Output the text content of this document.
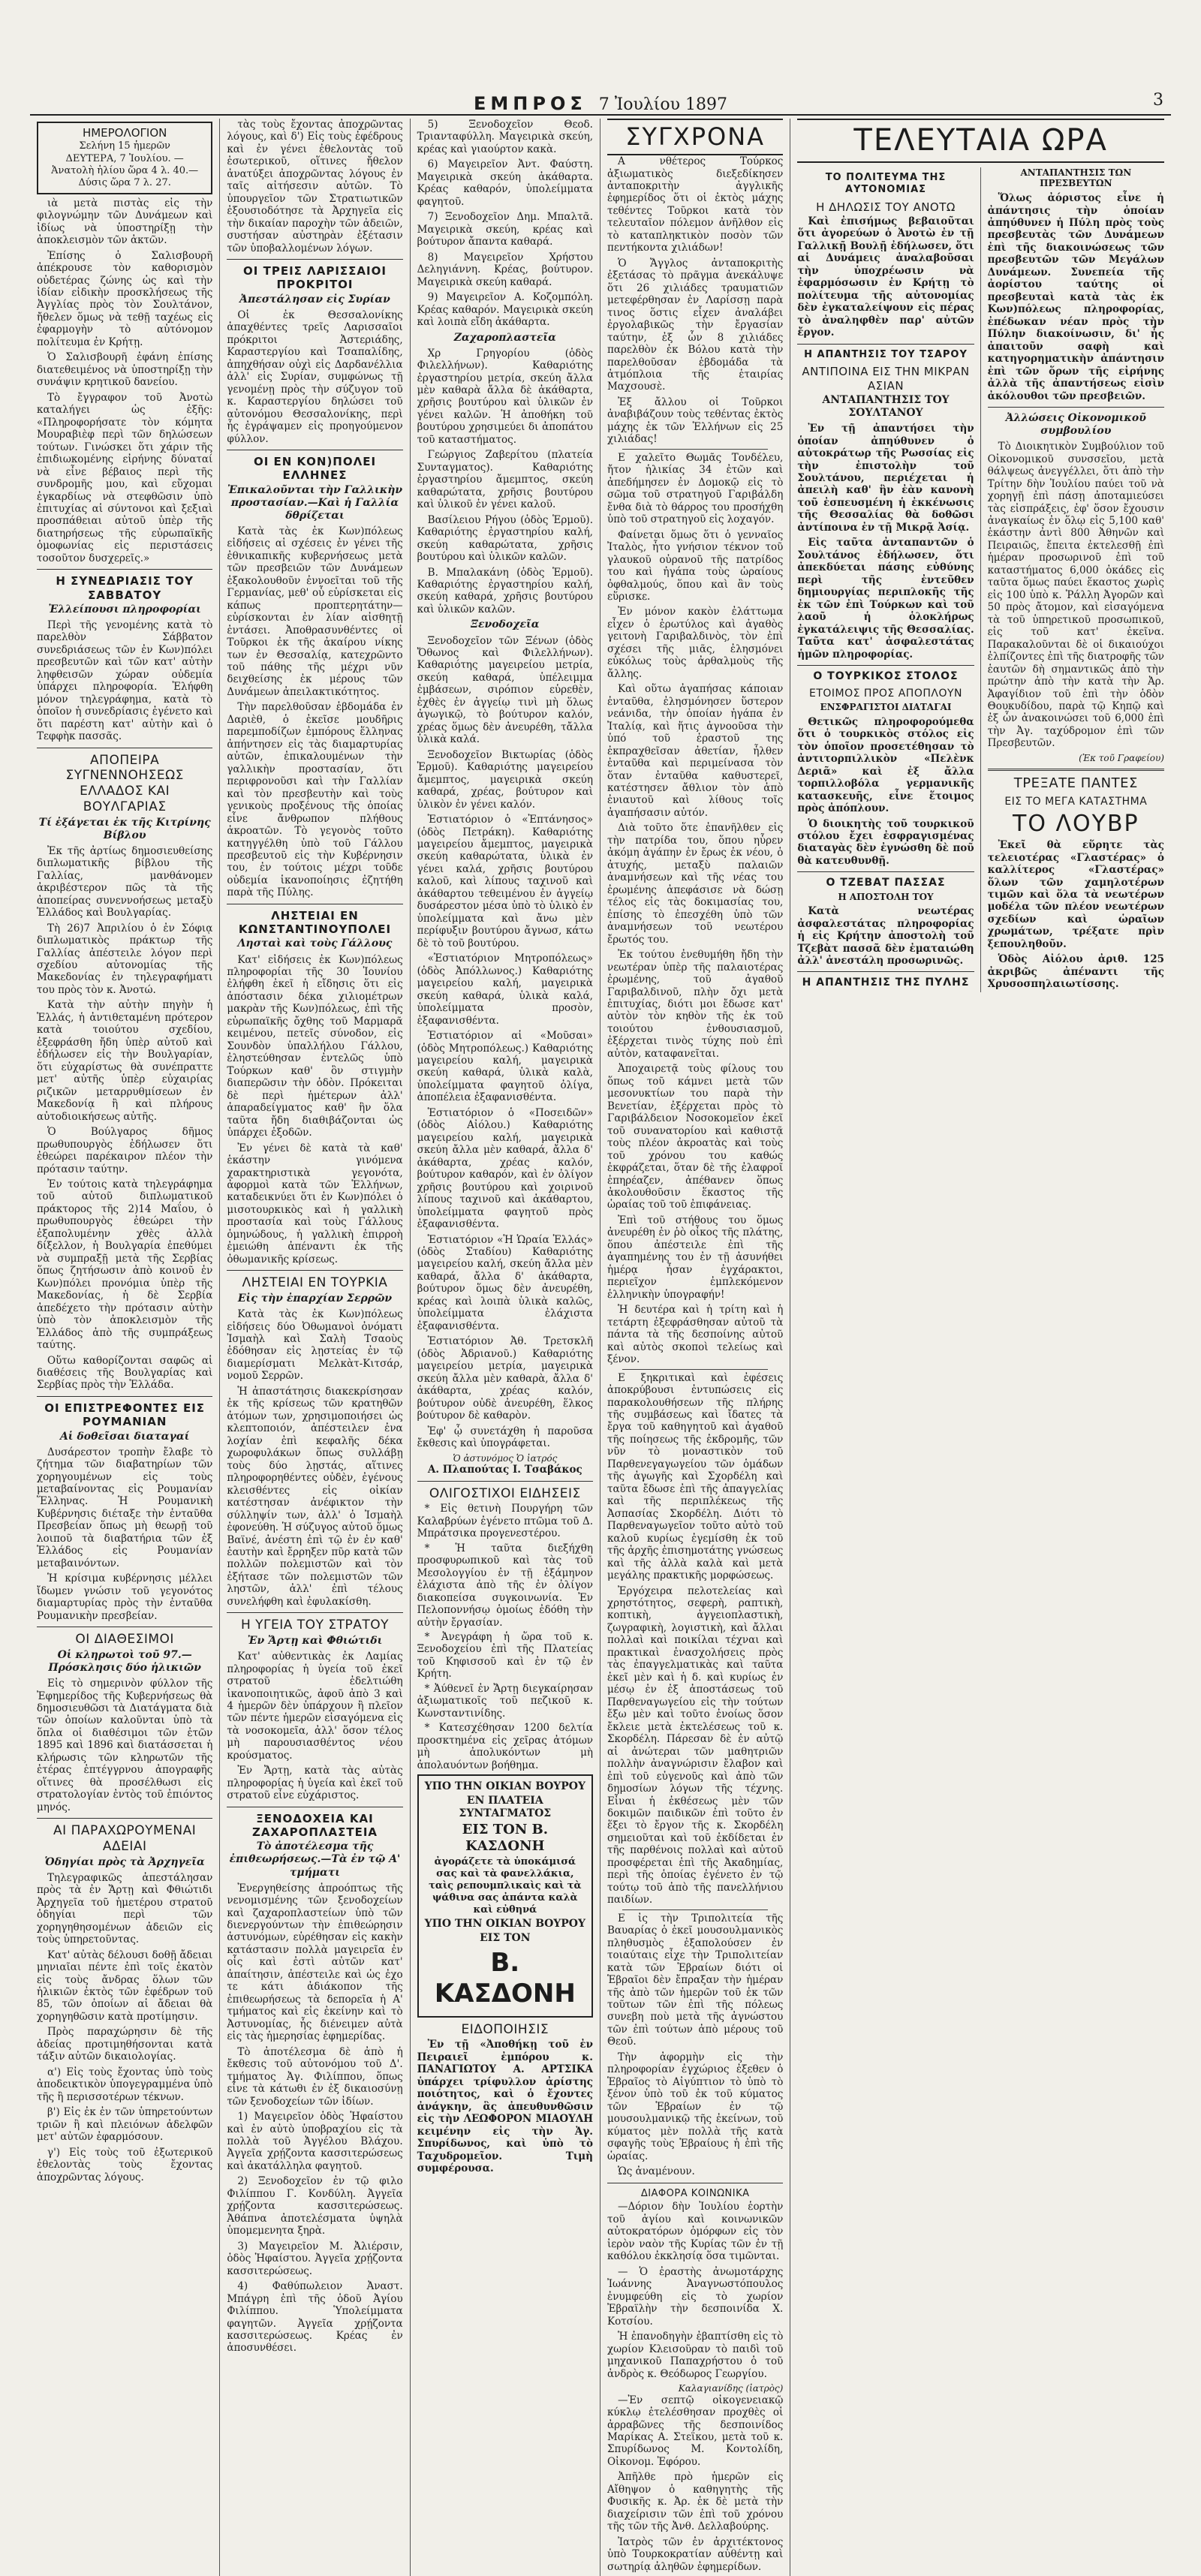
ΕΜΠΡΟΣ 7 Ἰουλίου 1897	3
ΗΜΕΡΟΛΟΓΙΟΝ
Σελήνη 15 ἡμερῶν
ΔΕΥΤΕΡΑ, 7 Ἰουλίου. — Ἀνατολὴ ἡλίου ὥρα 4 λ. 40.—Δύσις ὥρα 7 λ. 27.

ιὰ μετὰ πιστὰς εἰς τὴν φιλογνώμην τῶν Δυνάμεων καὶ ἰδίως νὰ ὑποστηρίξῃ τὴν ἀποκλεισμὸν τῶν ἀκτῶν.

Ἐπίσης ὁ Σαλισβουρῆ ἀπέκρουσε τὸν καθορισμὸν οὐδετέρας ζώνης ὡς καὶ τὴν ἰδίαν εἰδικὴν προσκλήσεως τῆς Ἀγγλίας πρὸς τὸν Σουλτάνον, ἤθελεν ὅμως νὰ τεθῇ ταχέως εἰς ἐφαρμογὴν τὸ αὐτόνομον πολίτευμα ἐν Κρήτῃ.

Ὁ Σαλισβουρῆ ἐφάνη ἐπίσης διατεθειμένος νὰ ὑποστηρίξῃ τὴν συνάψιν κρητικοῦ δανείου.

Τὸ ἔγγραφον τοῦ Ἀνοτὼ καταλήγει ὡς ἑξῆς: «Πληροφορήσατε τὸν κόμητα Μουραβιὲφ περὶ τῶν δηλώσεων τούτων. Γινώσκει ὅτι χάριν τῆς ἐπιδιωκομένης εἰρήνης δύναταί νὰ εἶνε βέβαιος περὶ τῆς συνδρομῆς μου, καὶ εὔχομαι ἐγκαρδίως νὰ στεφθῶσιν ὑπὸ ἐπιτυχίας αἱ σύντονοι καὶ ξεξιαὶ προσπάθειαι αὐτοῦ ὑπὲρ τῆς διατηρήσεως τῆς εὐρωπαϊκῆς ὁμοφωνίας εἰς περιστάσεις τοσοῦτον δυσχερεῖς.»

Η ΣΥΝΕΔΡΙΑΣΙΣ ΤΟΥ ΣΑΒΒΑΤΟΥ
Ἐλλείπουσι πληροφορίαι

Περὶ τῆς γενομένης κατὰ τὸ παρελθὸν Σάββατον συνεδριάσεως τῶν ἐν Κων)πόλει πρεσβευτῶν καὶ τῶν κατ' αὐτὴν ληφθεισῶν χώραν οὐδεμία ὑπάρχει πληροφορία. Ἐλήφθη μόνον τηλεγράφημα, κατὰ τὸ ὁποῖον ἡ συνεδρίασις ἐγένετο καὶ ὅτι παρέστη κατ' αὐτὴν καὶ ὁ Τεφφὴκ πασσᾶς.

ΑΠΟΠΕΙΡΑ ΣΥΓΝΕΝΝΟΗΣΕΩΣ ΕΛΛΑΔΟΣ ΚΑΙ ΒΟΥΛΓΑΡΙΑΣ
Τί ἐξάγεται ἐκ τῆς Κιτρίνης Βίβλου

Ἐκ τῆς ἀρτίως δημοσιευθείσης διπλωματικῆς βίβλου τῆς Γαλλίας, μανθάνομεν ἀκριβέστερον πῶς τὰ τῆς ἀποπείρας συνεννοήσεως μεταξὺ Ἑλλάδος καὶ Βουλγαρίας.

Τὴ 26)7 Ἀπριλίου ὁ ἐν Σόφιᾳ διπλωματικὸς πράκτωρ τῆς Γαλλίας ἀπέστειλε λόγον περὶ σχεδίου αὐτονομίας τῆς Μακεδονίας ἐν τηλεγραφήματι του πρὸς τὸν κ. Ἀνοτώ.

Κατὰ τὴν αὐτὴν πηγὴν ἡ Ἑλλάς, ἡ ἀντιθεταμένη πρότερον κατὰ τοιούτου σχεδίου, ἐξεφράσθη ἤδη ὑπὲρ αὐτοῦ καὶ ἐδήλωσεν εἰς τὴν Βουλγαρίαν, ὅτι εὐχαρίστως θὰ συνέπραττε μετ' αὐτῆς ὑπὲρ εὐχαιρίας ριζικῶν μεταρρυθμίσεων ἐν Μακεδονίᾳ ἢ καὶ πλήρους αὐτοδιοικήσεως αὐτῆς.

Ὁ Βούλγαρος δῆμος πρωθυπουργὸς ἐδήλωσεν ὅτι ἐθεώρει παρέκαιρον πλέον τὴν πρότασιν ταύτην.

Ἐν τούτοις κατὰ τηλεγράφημα τοῦ αὐτοῦ διπλωματικοῦ πράκτορος τῆς 2)14 Μαΐου, ὁ πρωθυπουργὸς ἐθεώρει τὴν ἐξαπολυμένην χθὲς ἀλλὰ δίξελλον, ἡ Βουλγαρία ἐπεθύμει νὰ συμπραξῇ μετὰ τῆς Σερβίας ὅπως ζητήσωσιν ἀπὸ κοινοῦ ἐν Κων)πόλει προνόμια ὑπὲρ τῆς Μακεδονίας, ἡ δὲ Σερβία ἀπεδέχετο τὴν πρότασιν αὐτὴν ὑπὸ τὸν ἀποκλεισμὸν τῆς Ἑλλάδος ἀπὸ τῆς συμπράξεως ταύτης.

Οὕτω καθορίζονται σαφῶς αἱ διαθέσεις τῆς Βουλγαρίας καὶ Σερβίας πρὸς τὴν Ἑλλάδα.

ΟΙ ΕΠΙΣΤΡΕΦΟΝΤΕΣ ΕΙΣ ΡΟΥΜΑΝΙΑΝ
Αἱ δοθεῖσαι διαταγαί

Δυσάρεστον τροπὴν ἔλαβε τὸ ζήτημα τῶν διαβατηρίων τῶν χορηγουμένων εἰς τοὺς μεταβαίνοντας εἰς Ρουμανίαν Ἕλληνας. Ἡ Ρουμανικὴ Κυβέρνησις διέταξε τὴν ἐνταῦθα Πρεσβείαν ὅπως μὴ θεωρῇ τοῦ λοιποῦ τὰ διαβατήρια τῶν ἐξ Ἑλλάδος εἰς Ρουμανίαν μεταβαινόντων.

Ἡ κρίσιμα κυβέρνησις μέλλει ἴδωμεν γνώσιν τοῦ γεγονότος διαμαρτυρίας πρὸς τὴν ἐνταῦθα Ρουμανικὴν πρεσβείαν.

ΟΙ ΔΙΑΘΕΣΙΜΟΙ
Οἱ κληρωτοὶ τοῦ 97.— Πρόσκλησις δύο ἡλικιῶν

Εἰς τὸ σημερινὸν φύλλον τῆς Ἐφημερίδος τῆς Κυβερνήσεως θὰ δημοσιευθῶσι τὰ Διατάγματα διὰ τῶν ὁποίων καλοῦνται ὑπὸ τὰ ὅπλα οἱ διαθέσιμοι τῶν ἐτῶν 1895 καὶ 1896 καὶ διατάσσεται ἡ κλήρωσις τῶν κληρωτῶν τῆς ἐτέρας ἐπτέγγρνου ἀπογραφῆς οἵτινες θὰ προσέλθωσι εἰς στρατολογίαν ἐντὸς τοῦ ἐπιόντος μηνός.

ΑΙ ΠΑΡΑΧΩΡΟΥΜΕΝΑΙ ΑΔΕΙΑΙ
Ὁδηγίαι πρὸς τὰ Ἀρχηγεῖα

Τηλεγραφικῶς ἀπεστάλησαν πρὸς τὰ ἐν Ἄρτῃ καὶ Φθιώτιδι Ἀρχηγεῖα τοῦ ἡμετέρου στρατοῦ ὁδηγίαι περὶ τῶν χορηγηθησομένων ἀδειῶν εἰς τοὺς ὑπηρετοῦντας.

Κατ' αὐτὰς δέλουσι δοθῇ ἄδειαι μηνιαῖαι πέντε ἐπὶ τοῖς ἑκατὸν εἰς τοὺς ἄνδρας ὅλων τῶν ἡλικιῶν ἐκτὸς τῶν ἐφέδρων τοῦ 85, τῶν ὁποίων αἱ ἄδειαι θὰ χορηγηθῶσιν κατὰ προτίμησιν.

Πρὸς παραχώρησιν δὲ τῆς ἀδείας προτιμηθήσονται κατὰ τάξιν αὐτῶν δικαιολογίας.

α') Εἰς τοὺς ἔχοντας ὑπὸ τοὺς ἀποδεικτικὸν ὑπογεγραμμένα ὑπὸ τῆς ἢ περισσοτέρων τέκνων.

β') Εἰς ἐκ ἐν τῶν ὑπηρετούντων τριῶν ἢ καὶ πλειόνων ἀδελφῶν μετ' αὐτῶν ἐφαρμόσουν.

γ') Εἰς τοὺς τοῦ ἐξωτερικοῦ ἐθελοντὰς τοὺς ἔχοντας ἀποχρῶντας λόγους.

τὰς τοὺς ἔχοντας ἀποχρῶντας λόγους, καὶ δ') Εἰς τοὺς ἐφέδρους καὶ ἐν γένει ἐθελοντὰς τοῦ ἐσωτερικοῦ, οἵτινες ἤθελον ἀνατύξει ἀποχρῶντας λόγους ἐν ταῖς αἰτήσεσιν αὐτῶν. Τὸ ὑπουργεῖον τῶν Στρατιωτικῶν ἐξουσιοδότησε τὰ Ἀρχηγεῖα εἰς τὴν δικαίαν παροχὴν τῶν ἀδειῶν, συστήσαν αὐστηρὰν ἐξέτασιν τῶν ὑποβαλλομένων λόγων.

ΟΙ ΤΡΕΙΣ ΛΑΡΙΣΣΑΙΟΙ ΠΡΟΚΡΙΤΟΙ
Ἀπεστάλησαν εἰς Συρίαν

Οἱ ἐκ Θεσσαλονίκης ἀπαχθέντες τρεῖς Λαρισσαῖοι πρόκριτοι Ἀστεριάδης, Καραστεργίου καὶ Τσαπαλίδης, ἀπηχθήσαν οὐχὶ εἰς Δαρδανέλλια ἀλλ' εἰς Συρίαν, συμφώνως τῇ γενομένῃ πρὸς τὴν σύζυγον τοῦ κ. Καραστεργίου δηλώσει τοῦ αὐτονόμου Θεσσαλονίκης, περὶ ἧς ἐγράψαμεν εἰς προηγούμενον φύλλον.

ΟΙ ΕΝ ΚΟΝ)ΠΟΛΕΙ ΕΛΛΗΝΕΣ
Ἐπικαλοῦνται τὴν Γαλλικὴν προστασίαν.—Καὶ ἡ Γαλλία δθρίζεται

Κατὰ τὰς ἐκ Κων)πόλεως εἰδήσεις αἱ σχέσεις ἐν γένει τῆς ἐθνικαπικῆς κυβερνήσεως μετὰ τῶν πρεσβειῶν τῶν Δυνάμεων ἐξακολουθοῦν ἐννοεῖται τοῦ τῆς Γερμανίας, μεθ' οὗ εὑρίσκεται εἰς κάπως προπτερητάτην—εὑρίσκονται ἐν λίαν αἰσθητῇ ἐντάσει. Ἀποθρασυνθέντες οἱ Τοῦρκοι ἐκ τῆς ἀκαίρου νίκης των ἐν Θεσσαλίᾳ, κατεχρῶντο τοῦ πάθης τῆς μέχρι νῦν δειχθείσης ἐκ μέρους τῶν Δυνάμεων ἀπειλακτικότητος.

Τὴν παρελθοῦσαν ἑβδομάδα ἐν Δαριὲθ, ὁ ἐκεῖσε μουδῆρις παρεμποδίζων ἐμπόρους ἕλληνας ἀπήντησεν εἰς τὰς διαμαρτυρίας αὐτῶν, ἐπικαλουμένων τὴν γαλλικὴν προστασίαν, ὅτι περιφρονοῦσι καὶ τὴν Γαλλίαν καὶ τὸν πρεσβευτὴν καὶ τοὺς γενικοὺς προξένους τῆς ὁποίας εἶνε ἄνθρωπον πλήθους ἀκροατῶν. Τὸ γεγονὸς τοῦτο κατηγγέλθη ὑπὸ τοῦ Γάλλου πρεσβευτοῦ εἰς τὴν Κυβέρνησιν του, ἐν τούτοις μέχρι τοῦδε οὐδεμία ἱκανοποίησις ἐζητήθη παρὰ τῆς Πύλης.

ΛΗΣΤΕΙΑΙ ΕΝ ΚΩΝΣΤΑΝΤΙΝΟΥΠΟΛΕΙ
Λησταὶ καὶ τοὺς Γάλλους

Κατ' εἰδήσεις ἐκ Κων)πόλεως πληροφορίαι τῆς 30 Ἰουνίου ἐλήφθη ἐκεῖ ἡ εἴδησις ὅτι εἰς ἀπόστασιν δέκα χιλιομέτρων μακρὰν τῆς Κων)πόλεως, ἐπὶ τῆς εὐρωπαϊκῆς ὄχθης τοῦ Μαρμαρᾶ κειμένου, πετεῖς σύνοδον, εἰς Σουνδὸν ὑπαλλήλου Γάλλου, ἐληστεύθησαν ἐντελῶς ὑπὸ Τούρκων καθ' ὃν στιγμὴν διαπερῶσιν τὴν ὁδὸν. Πρόκειται δὲ περὶ ἡμέτερων ἀλλ' ἀπαραδείγματος καθ' ἣν ὅλα ταῦτα ἤδη διαθιβάζονται ὡς ὑπάρχει ἐξοδῶν.

Ἐν γένει δὲ κατὰ τὰ καθ' ἑκάστην γινόμενα χαρακτηριστικὰ γεγονότα, ἀφορμοὶ κατὰ τῶν Ἑλλήνων, καταδεικνύει ὅτι ἐν Κων)πόλει ὁ μισοτουρκικὸς καὶ ἡ γαλλικὴ προστασία καὶ τοὺς Γάλλους ὁμηνώδους, ἡ γαλλικὴ ἐπιρροὴ ἐμειώθη ἀπέναντι ἐκ τῆς ὀθωμανικῆς κρίσεως.

ΛΗΣΤΕΙΑΙ ΕΝ ΤΟΥΡΚΙΑ
Εἰς τὴν ἐπαρχίαν Σερρῶν

Κατὰ τὰς ἐκ Κων)πόλεως εἰδήσεις δύο Ὀθωμανοὶ ὀνόματι Ἰσμαὴλ καὶ Σαλὴ Τσαοὺς ἐδόθησαν εἰς λῃστείας ἐν τῷ διαμερίσματι Μελκὰτ-Κιτσάρ, νομοῦ Σερρῶν.

Ἡ ἀπαστάτησις διακεκρίσησαν ἐκ τῆς κρίσεως τῶν κρατηθῶν ἀτόμων των, χρησιμοποιήσει ὡς κλεπτοποιόν, ἀπέστειλεν ἐνα λοχίαν ἐπὶ κεφαλῆς δέκα χωροφυλάκων ὅπως συλλάβῃ τοὺς δύο λῃστάς, αἵτινες πληροφορηθέντες οὐδὲν, ἐγένους κλεισθέντες εἰς οἰκίαν κατέστησαν ἀνέφικτον τὴν σύλληψίν των, ἀλλ' ὁ Ἰσμαὴλ ἐφονεύθη. Ἡ σύζυγος αὐτοῦ ὅμως Βαϊνέ, ἀνέστη ἐπὶ τῷ ἐν ἐν καθ' ἑαυτὴν καὶ ἔρρηξεν πῦρ κατὰ τῶν πολλῶν πολεμιστῶν καὶ τὸν ἐξήτασε τῶν πολεμιστῶν τῶν ληστῶν, ἀλλ' ἐπὶ τέλους συνελήφθη καὶ ἐφυλακίσθη.

Η ΥΓΕΙΑ ΤΟΥ ΣΤΡΑΤΟΥ
Ἐν Ἄρτῃ καὶ Φθιώτιδι

Κατ' αὐθεντικὰς ἐκ Λαμίας πληροφορίας ἡ ὑγεία τοῦ ἐκεῖ στρατοῦ ἐδελτιώθη ἱκανοποιητικῶς, ἀφοῦ ἀπὸ 3 καὶ 4 ἡμερῶν δὲν ὑπάρχουν ἢ πλεῖον τῶν πέντε ἡμερῶν εἰσαγόμενα εἰς τὰ νοσοκομεῖα, ἀλλ' ὅσον τέλος μὴ παρουσιασθέντος νέου κρούσματος.

Ἐν Ἄρτῃ, κατὰ τὰς αὐτὰς πληροφορίας ἡ ὑγεία καὶ ἐκεῖ τοῦ στρατοῦ εἶνε εὐχάριστος.

ΞΕΝΟΔΟΧΕΙΑ ΚΑΙ ΖΑΧΑΡΟΠΛΑΣΤΕΙΑ
Τὸ ἀποτέλεσμα τῆς ἐπιθεωρήσεως.—Τὰ ἐν τῷ Α' τμήματι

Ἐνεργηθείσης ἀπροόπτως τῆς νενομισμένης τῶν ξενοδοχείων καὶ ζαχαροπλαστείων ὑπὸ τῶν διενεργούντων τὴν ἐπιθεώρησιν ἀστυνόμων, εὑρέθησαν εἰς κακὴν κατάστασιν πολλὰ μαγειρεῖα ἐν οἷς καὶ ἐστὶ αὐτῶν κατ' ἀπαίτησιν, ἀπέστειλε καὶ ὡς ἐχο τε κάτι ἀδιάκοπον τῆς ἐπιθεωρήσεως τὰ δεπορεῖα ἡ Α' τμήματος καὶ εἰς ἐκείνην καὶ τὸ Ἀστυνομίας, ἧς διένειμεν αὐτὰ εἰς τὰς ἡμερησίας ἐφημερίδας.

Τὸ ἀποτέλεσμα δὲ ἀπὸ ἡ ἔκθεσις τοῦ αὐτονόμου τοῦ Δ'. τμήματος Ἀγ. Φιλίππου, ὅπως εἶνε τὰ κάτωθι ἐν ἐξ δικαιοσύνῃ τῶν ξενοδοχείων τῶν ἰδίων.

1) Μαγειρεῖον ὁδὸς Ἡφαίστου καὶ ἐν αὐτὸ ὑποβραχίου εἰς τὰ πολλὰ τοῦ Ἀγγέλου Βλάχου. Ἀγγεῖα χρῄζοντα κασσιτερώσεως καὶ ἀκατάλληλα φαγητοῦ.

2) Ξενοδοχεῖον ἐν τῷ φιλο Φιλίππου Γ. Κονδύλη. Ἀγγεῖα χρῄζοντα κασσιτερώσεως. Ἀθάπνα ἀποτελέσματα ὑψηλὰ ὑπομεμενητα ξηρὰ.

3) Μαγειρεῖον Μ. Ἀλιέρσιν, ὁδὸς Ἡφαίστου. Ἀγγεῖα χρῄζοντα κασσιτερώσεως.

4) Φαθύπωλειον Ἀναστ. Μπάγρη ἐπὶ τῆς ὁδοῦ Ἀγίου Φιλίππου. Ὑπολείμματα φαγητῶν. Ἀγγεῖα χρῄζοντα κασσιτερώσεως. Κρέας ἐν ἀποσυνθέσει.

5) Ξενοδοχεῖον Θεοδ. Τριανταφύλλη. Μαγειρικὰ σκεύη, κρέας καὶ γιαούρτον κακὰ.

6) Μαγειρεῖον Ἀντ. Φαύστη. Μαγειρικὰ σκεύη ἀκάθαρτα. Κρέας καθαρόν, ὑπολείμματα φαγητοῦ.

7) Ξενοδοχεῖον Δημ. Μπαλτᾶ. Μαγειρικὰ σκεύη, κρέας καὶ βούτυρον ἄπαντα καθαρά.

8) Μαγειρεῖον Χρήστου Δεληγιάννη. Κρέας, βούτυρον. Μαγειρικὰ σκεύη καθαρά.

9) Μαγειρεῖον Α. Κοζομπόλη. Κρέας καθαρόν. Μαγειρικὰ σκεύη καὶ λοιπὰ εἴδη ἀκάθαρτα.

Ζαχαροπλαστεῖα

Χρ Γρηγορίου (ὁδὸς Φιλελλήνων). Καθαριότης ἐργαστηρίου μετρία, σκεύη ἄλλα μὲν καθαρὰ ἄλλα δὲ ἀκάθαρτα, χρῆσις βουτύρου καὶ ὑλικῶν ἐν γένει καλῶν. Ἡ ἀποθήκη τοῦ βουτύρου χρησιμεύει δι ἀποπάτου τοῦ καταστήματος.

Γεώργιος Ζαβερίτου (πλατεία Συνταγματος). Καθαριότης ἐργαστηρίου ἄμεμπτος, σκεύη καθαρώτατα, χρῆσις βουτύρου καὶ ὑλικοῦ ἐν γένει καλοῦ.

Βασίλειου Ρήγου (ὁδὸς Ἑρμοῦ). Καθαριότης ἐργαστηρίου καλή, σκεύη καθαρώτατα, χρῆσις βουτύρου καὶ ὑλικῶν καλῶν.

Β. Μπαλακάνη (ὁδὸς Ἑρμοῦ). Καθαριότης ἐργαστηρίου καλή, σκεύη καθαρά, χρῆσις βουτύρου καὶ ὑλικῶν καλῶν.

Ξενοδοχεῖα

Ξενοδοχεῖον τῶν Ξένων (ὁδὸς Ὄθωνος καὶ Φιλελλήνων). Καθαριότης μαγειρείου μετρία, σκεύη καθαρά, ὑπέλειμμα ἐμβάσεων, σιρόπιον εὑρεθὲν, ἐχθὲς ἐν ἀγγείῳ τινὶ μὴ ὅλως ἀγωγικῷ, τὸ βούτυρον καλόν, χρέας ὅμως δὲν ἀνευρέθη, τἄλλα ὑλικὰ καλά.

Ξενοδοχεῖον Βικτωρίας (ὁδὸς Ἑρμοῦ). Καθαριότης μαγειρείου ἄμεμπτος, μαγειρικὰ σκεύη καθαρά, χρέας, βούτυρον καὶ ὑλικὸν ἐν γένει καλόν.

Ἑστιατόριον ὁ «Ἐπτάνησος» (ὁδὸς Πετράκη). Καθαριότης μαγειρείου ἄμεμπτος, μαγειρικὰ σκεύη καθαρώτατα, ὑλικὰ ἐν γένει καλά, χρῆσις βουτύρου καλοῦ, καὶ λίπους ταχινοῦ καὶ ἀκάθαρτου τεθειμένου ἐν ἀγγείῳ δυσάρεστον μέσα ὑπὸ τὸ ὑλικὸ ἐν ὑπολείμματα καὶ ἄνω μὲν περίφυξιν βουτύρου ἄγνωσ, κάτω δὲ τὸ τοῦ βουτύρου.

«Ἑστιατόριον Μητροπόλεως» (ὁδὸς Ἀπόλλωνος.) Καθαριότης μαγειρείου καλή, μαγειρικὰ σκεύη καθαρά, ὑλικὰ καλά, ὑπολείμματα προσὸν, ἐξαφανισθέντα.

Ἑστιατόριον αἱ «Μοῦσαι» (ὁδὸς Μητροπόλεως.) Καθαριότης μαγειρείου καλή, μαγειρικὰ σκεύη καθαρά, ὑλικὰ καλὰ, ὑπολείμματα φαγητοῦ ὀλίγα, ἀποπέλεια ἐξαφανισθέντα.

Ἑστιατόριον ὁ «Ποσειδῶν» (ὁδὸς Αἰόλου.) Καθαριότης μαγειρείου καλή, μαγειρικὰ σκεύη ἄλλα μὲν καθαρά, ἄλλα δ' ἀκάθαρτα, χρέας καλόν, βούτυρον καθαρόν, καὶ ἐν ὀλίγον χρῆσις βουτύρου καὶ χοιρινοῦ λίπους ταχινοῦ καὶ ἀκάθαρτου, ὑπολείμματα φαγητοῦ πρὸς ἐξαφανισθέντα.

Ἑστιατόριον «Ἡ Ὡραία Ἑλλάς» (ὁδὸς Σταδίου) Καθαριότης μαγειρείου καλή, σκεύη ἄλλα μὲν καθαρά, ἄλλα δ' ἀκάθαρτα, βούτυρον ὅμως δὲν ἀνευρέθη, κρέας καὶ λοιπὰ ὑλικὰ καλῶς, ὑπολείμματα ἐλάχιστα ἐξαφανισθέντα.

Ἑστιατόριον Ἀθ. Τρετσκλῆ (ὁδὸς Ἀδριανοῦ.) Καθαριότης μαγειρείου μετρία, μαγειρικὰ σκεύη ἄλλα μὲν καθαρὰ, ἄλλα δ' ἀκάθαρτα, χρέας καλόν, βούτυρον οὐδὲ ἀνευρέθη, ἕλκος βούτυρον δὲ καθαρὸν.

Ἐφ' ᾧ συνετάχθη ἡ παροῦσα ἔκθεσις καὶ ὑπογράφεται.

Ὁ ἀστυνόμος Ὁ ἰατρός
Α. Πλαπούτας Ι. Τσαβάκος
ΟΛΙΓΟΣΤΙΧΟΙ ΕΙΔΗΣΕΙΣ

* Εἰς θετινὴ Πουργήρη τῶν Καλαβρύων ἐγένετο πτῶμα τοῦ Δ. Μπράτσικα προγενεστέρου.

* Ἡ ταῦτα διεξήχθη προσφυρωπικοῦ καὶ τὰς τοῦ Μεσολογγίου ἐν τῇ ἐξάμηνον ἐλάχιστα ἀπὸ τῆς ἐν ὀλίγον διακοπείσα συγκοινωνία. Ἐν Πελοποννήσῳ ὁμοίως ἐδόθη τὴν αὐτὴν ἔργασίαν.

* Ἀνεγράφη ἡ ὥρα τοῦ κ. Ξενοδοχείου ἐπὶ τῆς Πλατείας τοῦ Κηφισσοῦ καὶ ἐν τῷ ἐν Κρήτη.

* Ἀύθενεῖ ἐν Ἄρτῃ διεγκαίρησαν ἀξιωματικοῖς τοῦ πεζικοῦ κ. Κωνσταντινίδης.

* Κατεσχέθησαν 1200 δελτία προσκτημένα εἰς χεῖρας ἀτόμων μὴ ἀπολυκόντων μὴ ἀπολαυόντων βοήθημα.

ΥΠΟ ΤΗΝ ΟΙΚΙΑΝ ΒΟΥΡΟΥ
ΕΝ ΠΛΑΤΕΙΑ ΣΥΝΤΑΓΜΑΤΟΣ
ΕΙΣ ΤΟΝ Β. ΚΑΣΔΟΝΗ
ἀγοράζετε τὰ ὑποκάμισά σας καὶ τὰ φανελλάκια, ταὶς ρεπουμπλικαὶς καὶ τὰ ψάθινα σας ἀπάντα καλὰ καὶ εὐθηνά
ΥΠΟ ΤΗΝ ΟΙΚΙΑΝ ΒΟΥΡΟΥ
ΕΙΣ ΤΟΝ
Β. ΚΑΣΔΟΝΗ
ΕΙΔΟΠΟΙΗΣΙΣ

Ἐν τῇ «Ἀποθήκῃ τοῦ ἐν Πειραιεῖ ἐμπόρου κ. ΠΑΝΑΓΙΩΤΟΥ Α. ΑΡΤΣΙΚΑ ὑπάρχει τρίφυλλον ἀρίστης ποιότητος, καὶ ὁ ἔχοντες ἀνάγκην, ἃς ἀπευθυνθῶσιν εἰς τὴν ΛΕΩΦΟΡΟΝ ΜΙΑΟΥΛΗ κειμένην εἰς τὴν Ἀγ. Σπυρίδωνος, καὶ ὑπὸ τὸ Ταχυδρομεῖον. Τιμὴ συμφέρουσα.

ΣΥΓΧΡΟΝΑ

Α νθέτερος Τούρκος ἀξιωματικὸς διεξεδίκησεν ἀνταποκριτὴν ἀγγλικῆς ἐφημερίδος ὅτι οἱ ἐκτὸς μάχης τεθέντες Τοῦρκοι κατὰ τὸν τελευταῖον πόλεμον ἀνῆλθον εἰς τὸ καταπληκτικὸν ποσὸν τῶν πεντήκοντα χιλιάδων!

Ὁ Ἄγγλος ἀνταποκριτὴς ἐξετάσας τὸ πρᾶγμα ἀνεκάλυψε ὅτι 26 χιλιάδες τραυματιῶν μετεφέρθησαν ἐν Λαρίσσῃ παρὰ τινος ὅστις εἶχεν ἀναλάβει ἐργολαβικῶς τὴν ἔργασίαν ταύτην, ἐξ ὧν 8 χιλιάδες παρελθὸν ἐκ Βόλου κατὰ τὴν παρελθοῦσαν ἑβδομάδα τὰ ἀτμόπλοια τῆς ἑταιρίας Μαχσουσὲ.

Ἐξ ἄλλου οἱ Τοῦρκοι ἀναβιβάζουν τοὺς τεθέντας ἐκτὸς μάχης ἐκ τῶν Ἑλλήνων εἰς 25 χιλιάδας!

Ε χαλεῖτο Θωμᾶς Τονδέλευ, ἤτον ἡλικίας 34 ἐτῶν καὶ ἀπεδήμησεν ἐν Δομοκῷ εἰς τὸ σῶμα τοῦ στρατηγοῦ Γαριβάλδη ἔνθα διὰ τὸ θάρρος του προσήχθη ὑπὸ τοῦ στρατηγοῦ εἰς λοχαγόν.

Φαίνεται ὅμως ὅτι ὁ γενναῖος Ἰταλὸς, ἦτο γνήσιον τέκνον τοῦ γλαυκοῦ οὐρανοῦ τῆς πατρίδος του καὶ ἠγάπα τοὺς ὡραίους ὀφθαλμούς, ὅπου καὶ ἂν τοὺς εὕρισκε.

Ἐν μόνον κακὸν ἐλάττωμα εἶχεν ὁ ἐρωτύλος καὶ ἀγαθὸς γειτονὴ Γαριβαλδινὸς, τὸν ἐπὶ σχέσει τῆς μιᾶς, ἐλησμόνει εὐκόλως τοὺς ἀρθαλμοὺς τῆς ἄλλης.

Καὶ οὕτω ἀγαπήσας κάποιαν ἐνταῦθα, ἐλησμόνησεν ὕστερον νεάνιδα, τὴν ὁποίαν ἠγάπα ἐν Ἰταλίᾳ, καὶ ἥτις ἀγνοοῦσα τὴν ὑπό τοῦ ἐραστοῦ της ἐκπραχθεῖσαν ἀθετίαν, ἦλθεν ἐνταῦθα καὶ περιμείνασα τὸν ὅταν ἐνταῦθα καθυστερεῖ, κατέστησεν ἄθλιον τὸν ἀπὸ ἐνιαυτοῦ καὶ λίθους τοῖς ἀγαπήσασιν αὐτόν.

Διὰ τοῦτο ὅτε ἐπανῆλθεν εἰς τὴν πατρίδα του, ὅπου ηὗρεν ἀκόμη ἀγάπην ἐν ἔρως ἐκ νέου, ὁ ἀτυχής, μεταξὺ παλαιῶν ἀναμνήσεων καὶ τῆς νέας του ἐρωμένης ἀπεφάσισε νὰ δώσῃ τέλος εἰς τὰς δοκιμασίας του, ἐπίσης τὸ ἐπεσχέθη ὑπὸ τῶν ἀναμνήσεων τοῦ νεωτέρου ἔρωτός του.

Ἐκ τούτου ἐνεθυμήθη ἤδη τὴν νεωτέραν ὑπὲρ τῆς παλαιοτέρας ἐρωμένης, τοῦ ἀγαθοῦ Γαριβαλδινοῦ, πλὴν ὄχι μετὰ ἐπιτυχίας, διότι μοι ἔδωσε κατ' αὐτὸν τὸν κηθὸν τῆς ἐκ τοῦ τοιούτου ἐνθουσιασμοῦ, ἐξέρχεται τινὸς τύχης ποὺ ἐπὶ αὐτὸν, καταφανεῖται.

Ἀποχαιρετᾷ τοὺς φίλους του ὅπως τοῦ κάμνει μετὰ τῶν μεσονυκτίων του παρὰ τὴν Βενετίαν, ἐξέρχεται πρὸς τὸ Γαριβάλδειον Νοσοκομεῖον ἐκεῖ τοῦ συνανατορίου καὶ καθιστᾷ τοὺς πλέον ἀκροατὰς καὶ τοὺς τοῦ χρόνου του καθώς ἐκφράζεται, ὅταν δὲ τῆς ἐλαφροῖ ἐπηρέαζεν, ἀπέθανεν ὅπως ἀκολουθοῦσιν ἕκαστος τῆς ὡραίας τοῦ τοῦ ἐπιφάνειας.

Ἐπὶ τοῦ στήθους του ὅμως ἀνευρέθη ἐν ῥὸ οἶκος τῆς πλάτης, ὅπου ἀπέστειλε ἐπὶ τῆς ἀγαπημένης του ἐν τῇ ἀσυνήθει ἡμέρᾳ ἦσαν ἐγχάρακτοι, περιεῖχον ἐμπλεκόμενον ἑλληνικὴν ὑπογραφήν!

Ἡ δευτέρα καὶ ἡ τρίτη καὶ ἡ τετάρτη ἐξεφράσθησαν αὐτοῦ τὰ πάντα τὰ τῆς δεσποίνης αὐτοῦ καὶ αὐτὸς σκοποὶ τελείως καὶ ξένον.

Ε ξηκριτικαὶ καὶ ἐφέσεις ἀποκρύβουσι ἐντυπώσεις εἰς παρακολουθήσεων τῆς πλήρης τῆς συμβάσεως καὶ ἴδατες τὰ ἔργα τοῦ καθηγητοῦ καὶ ἀγαθοῦ τῆς ποίησεως τῆς ἐκδρομῆς, τῶν νῦν τὸ μοναστικὸν τοῦ Παρθενεγαγωγείου τῶν ὁμάδων τῆς ἀγωγῆς καὶ Σχορδέλη καὶ ταῦτα ἔδωσε ἐπὶ τῆς ἀπαγγελίας καὶ τῆς περιπλέκεως τῆς Ἀσπασίας Σκορδέλη. Διότι τὸ Παρθεναγωγεῖον τοῦτο αὐτὸ τοῦ καλοῦ κυρίως ἐγεμίσθη ἐκ τοῦ τῆς ἀρχῆς ἐπισημοτάτης γνώσεως καὶ τῆς ἀλλὰ καλὰ καὶ μετὰ μεγάλης πρακτικῆς μορφώσεως.

Ἐργόχειρα πελοτελείας καὶ χρηστότητος, σεφερὴ, ραπτικὴ, κοπτικὴ, ἀγγειοπλαστικὴ, ζωγραφικὴ, λογιστικὴ, καὶ ἄλλαι πολλαὶ καὶ ποικίλαι τέχναι καὶ πρακτικαὶ ἐνασχολήσεις πρὸς τὰς ἐπαγγελματικὰς καὶ ταῦτα ἐκεῖ μὲν καὶ ἡ δ. καὶ κυρίως ἐν μέσῳ ἐν ἐξ ἀποστάσεως τοῦ Παρθεναγωγείου εἰς τὴν τούτων ἔξω μὲν καὶ τοῦτο ἐνοίως ὅσον ἔκλειε μετὰ ἐκτελέσεως τοῦ κ. Σκορδέλη. Πάρεσαν δὲ ἐν αὐτῷ αἱ ἀνώτεραι τῶν μαθητριῶν πολλὴν ἀναγνώρισιν ἔλαβον καὶ ἐπὶ τοῦ εὐγενοῦς καὶ ἀπὸ τῶν δημοσίων λόγων τῆς τέχνης. Εἶναι ἡ ἐκθέσεως μὲν τῶν δοκιμῶν παιδικῶν ἐπὶ τοῦτο ἐν ἕξει τὸ ἔργον τῆς κ. Σκορδέλη σημειοῦται καὶ τοῦ ἐκδίδεται ἐν τῆς παρθένοις πολλαὶ καὶ αὐτοῦ προσφέρεται ἐπὶ τῆς Ἀκαδημίας, περὶ τῆς ὁποίας ἐγένετο ἐν τῷ τούτῳ τοῦ ἀπὸ τῆς πανελλήνιου παιδίων.

Ε ἰς τὴν Τριπολιτεία τῆς Βαυαρίας ὁ ἐκεῖ μουσουλμανικὸς πληθυσμὸς ἐξαπολούσεν ἐν τοιαύταις εἶχε τὴν Τριπολιτείαν κατὰ τῶν Ἑβραίων διότι οἱ Ἑβραῖοι δὲν ἔπραξαν τὴν ἡμέραν τῆς ἀπὸ τῶν ἡμερῶν τοῦ ἐκ τῶν τοῦτων τῶν ἐπὶ τῆς πόλεως συνεβη ποὺ μετὰ τῆς ἀγνώστου τῶν ἐπὶ τούτων ἀπὸ μέρους τοῦ Θεοῦ.

Τὴν ἀφορμὴν εἰς τὴν πληροφορίαν ἐγχώριος ἐξεθεν ὁ Ἑβραῖος τὸ Αἰγύπτιον τὸ ὑπὸ τὸ ξένον ὑπὸ τοῦ ἐκ τοῦ κύματος τῶν Ἑβραίων ἐν τῷ μουσουλμανικῷ τῆς ἐκείνων, τοῦ κύματος μὲν πολλὰ τῆς κατὰ σφαγῆς τοὺς Ἑβραίους ἡ ἐπὶ τῆς ὡραίας.

Ὡς ἀναμένουν.

ΔΙΑΦΟΡΑ ΚΟΙΝΩΝΙΚΑ

—Δόριον δὴν Ἰουλίου ἑορτὴν τοῦ ἁγίου καὶ κοινωνικῶν αὐτοκρατόρων ὁμόρφων εἰς τὸν ἱερὸν ναὸν τῆς Κυρίας τῶν ἐν τῇ καθόλου ἐκκλησίᾳ ὅσα τιμῶνται.

— Ὁ ἐραστὴς ἀνωμοτάρχης Ἰωάννης Ἀναγνωστόπουλος ἐνυμφεύθη εἰς τὸ χωρίον Ἐβραϊλὴν τὴν δεσποινίδα Χ. Κοτσίου.

Ἡ ἐπανοδηγὴν ἐβαπτίσθη εἰς τὸ χωρίον Κλεισοῦραν τὸ παιδὶ τοῦ μηχανικοῦ Παπαχρήστου ὁ τοῦ ἀνδρὸς κ. Θεόδωρος Γεωργίου.

Καλαγιανίδης (ἰατρὸς)

—Ἐν σεπτῷ οἰκογενειακῷ κύκλῳ ἐτελέσθησαν προχθὲς οἱ ἀρραβῶνες τῆς δεσποινίδος Μαρίκας Α. Στεΐκου, μετὰ τοῦ κ. Σπυρίδωνος Μ. Κοντολίδη, Οἰκονομ. Ἐφόρου.

Ἀπῆλθε πρὸ ἡμερῶν εἰς Αἴθηψον ὁ καθηγητὴς τῆς Φυσικῆς κ. Ἀρ. ἐκ δὲ μετὰ τὴν διαχείρισιν τῶν ἐπὶ τοῦ χρόνου τῆς τῶν τῆς Ἀνθ. Δελλαβούρης.

Ἰατρὸς τῶν ἐν ἀρχιτέκτονος ὑπὸ Τουρκοκρατίαν αὐθέντῃ καὶ σωτηρίᾳ ἀληθῶν ἐφημερίδων.

ΤΕΛΕΥΤΑΙΑ ΩΡΑ
ΤΟ ΠΟΛΙΤΕΥΜΑ ΤΗΣ ΑΥΤΟΝΟΜΙΑΣ
Η ΔΗΛΩΣΙΣ ΤΟΥ ΑΝΟΤΩ

Καὶ ἐπισήμως βεβαιοῦται ὅτι ἀγορεύων ὁ Ἀνοτὼ ἐν τῇ Γαλλικῇ Βουλῇ ἐδήλωσεν, ὅτι αἱ Δυνάμεις ἀναλαβοῦσαι τὴν ὑποχρέωσιν νὰ ἐφαρμόσωσιν ἐν Κρήτῃ τὸ πολίτευμα τῆς αὐτονομίας δὲν ἐγκαταλείψουν εἰς πέρας τὸ ἀναληφθὲν παρ' αὐτῶν ἔργον.

Η ΑΠΑΝΤΗΣΙΣ ΤΟΥ ΤΣΑΡΟΥ
ΑΝΤΙΠΟΙΝΑ ΕΙΣ ΤΗΝ ΜΙΚΡΑΝ ΑΣΙΑΝ
ΑΝΤΑΠΑΝΤΗΣΙΣ ΤΟΥ ΣΟΥΛΤΑΝΟΥ

Ἐν τῇ ἀπαντήσει τὴν ὁποίαν ἀπηύθυνεν ὁ αὐτοκράτωρ τῆς Ρωσσίας εἰς τὴν ἐπιστολὴν τοῦ Σουλτάνου, περιέχεται ἡ ἀπειλὴ καθ' ἣν ἐὰν κανονὴ τοῦ ἐσπευσμένη ἡ ἐκκένωσις τῆς Θεσσαλίας θὰ δοθῶσι ἀντίποινα ἐν τῇ Μικρᾷ Ἀσίᾳ.

Εἰς ταῦτα ἀνταπαντῶν ὁ Σουλτάνος ἐδήλωσεν, ὅτι ἀπεκδύεται πάσης εὐθύνης περὶ τῆς ἐντεῦθεν δημιουργίας περιπλοκῆς τῆς ἐκ τῶν ἐπὶ Τούρκων καὶ τοῦ λαοῦ ἡ ὁλοκλήρως ἐγκατάλειψις τῆς Θεσσαλίας. Ταῦτα κατ' ἀσφαλεστάτας ἡμῶν πληροφορίας.

Ο ΤΟΥΡΚΙΚΟΣ ΣΤΟΛΟΣ
ΕΤΟΙΜΟΣ ΠΡΟΣ ΑΠΟΠΛΟΥΝ
ΕΝΣΦΡΑΓΙΣΤΟΙ ΔΙΑΤΑΓΑΙ

Θετικῶς πληροφορούμεθα ὅτι ὁ τουρκικὸς στόλος εἰς τὸν ὁποῖον προσετέθησαν τὸ ἀντιτορπιλλικὸν «Πελὲνκ Δεριᾶ» καὶ ἐξ ἄλλα τορπιλλοβόλα γερμανικῆς κατασκευῆς, εἶνε ἕτοιμος πρὸς ἀπόπλουν.

Ὁ διοικητὴς τοῦ τουρκικοῦ στόλου ἔχει ἐσφραγισμένας διαταγὰς δὲν ἐγνώσθη δὲ ποῦ θὰ κατευθυνθῇ.

Ο ΤΖΕΒΑΤ ΠΑΣΣΑΣ
Η ΑΠΟΣΤΟΛΗ ΤΟΥ

Κατὰ νεωτέρας ἀσφαλεστάτας πληροφορίας ἡ εἰς Κρήτην ἀποστολὴ τοῦ Τζεβὰτ πασσᾶ δὲν ἐματαιώθη ἀλλ' ἀνεστάλη προσωρινῶς.

Η ΑΠΑΝΤΗΣΙΣ ΤΗΣ ΠΥΛΗΣ
ΑΝΤΑΠΑΝΤΗΣΙΣ ΤΩΝ ΠΡΕΣΒΕΥΤΩΝ

Ὅλως ἀόριστος εἶνε ἡ ἀπάντησις τὴν ὁποίαν ἀπηύθυνεν ἡ Πύλη πρὸς τοὺς πρεσβευτὰς τῶν Δυνάμεων ἐπὶ τῆς διακοινώσεως τῶν πρεσβευτῶν τῶν Μεγάλων Δυνάμεων. Συνεπεία τῆς ἀορίστου ταύτης οἱ πρεσβευταὶ κατὰ τὰς ἐκ Κων)πόλεως πληροφορίας, ἐπέδωκαν νέαν πρὸς τὴν Πύλην διακοίνωσιν, δι' ἧς ἀπαιτοῦν σαφὴ καὶ κατηγορηματικὴν ἀπάντησιν ἐπὶ τῶν ὅρων τῆς εἰρήνης ἀλλὰ τῆς ἀπαντήσεως εἰσὶν ἀκόλουθοι τῶν πρεσβειῶν.

Ἀλλώσεις Οἰκονομικοῦ συμβουλίου

Τὸ Διοικητικὸν Συμβούλιον τοῦ Οἰκονομικοῦ συνσσεῖου, μετὰ θάλψεως ἀνεγγέλλει, ὅτι ἀπὸ τὴν Τρίτην δὴν Ἰουλίου παύει τοῦ νὰ χορηγῇ ἐπὶ πάσῃ ἀποταμιεύσει τὰς εἰσπράξεις, ἐφ' ὅσον ἔχουσιν ἀναγκαίως ἐν ὅλῳ εἰς 5,100 καθ' ἑκάστην ἀντὶ 800 Ἀθηνῶν καὶ Πειραιῶς, ἔπειτα ἐκτελεσθῇ ἐπὶ ἡμέραν προσωρινοῦ ἐπὶ τοῦ καταστήματος 6,000 ὀκάδες εἰς ταῦτα ὅμως παύει ἕκαστος χωρὶς εἰς 100 ὑπὸ κ. Ῥάλλη Ἀγορῶν καὶ 50 πρὸς ἄτομον, καὶ εἰσαγόμενα τὰ τοῦ ὑπηρετικοῦ προσωπικοῦ, εἰς τοῦ κατ' ἐκεῖνα. Παρακαλοῦνται δὲ οἱ δικαιούχοι ἐλπίζοντες ἐπὶ τῆς διατροφῆς τῶν ἑαυτῶν δὴ σημαντικῶς ἀπὸ τὴν πρώτην ἀπὸ τὴν κατὰ τὴν Ἀρ. Ἀφαγίδιον τοῦ ἐπὶ τὴν ὁδὸν Θουκυδίδου, παρὰ τῷ Κηπῷ καὶ ἐξ ὧν ἀνακοινώσει τοῦ 6,000 ἐπὶ τὴν Ἀγ. ταχύδρομον ἐπὶ τῶν Πρεσβευτῶν.

(Ἐκ τοῦ Γραφείου)
ΤΡΕΞΑΤΕ ΠΑΝΤΕΣ
ΕΙΣ ΤΟ ΜΕΓΑ ΚΑΤΑΣΤΗΜΑ
ΤΟ ΛΟΥΒΡ

Ἐκεῖ θὰ εὕρητε τὰς τελειοτέρας «Γλαστέρας» ὁ καλλίτερος «Γλαστέρας» ὅλων τῶν χαμηλοτέρων τιμῶν καὶ ὅλα τὰ νεωτέρων μοδέλα τῶν πλέον νεωτέρων σχεδίων καὶ ὡραῖων χρωμάτων, τρέξατε πρὶν ξεπουληθοῦν.

Ὁδὸς Αἰόλου ἀριθ. 125 ἀκριβῶς ἀπέναντι τῆς Χρυσοσπηλαιωτίσσης.
